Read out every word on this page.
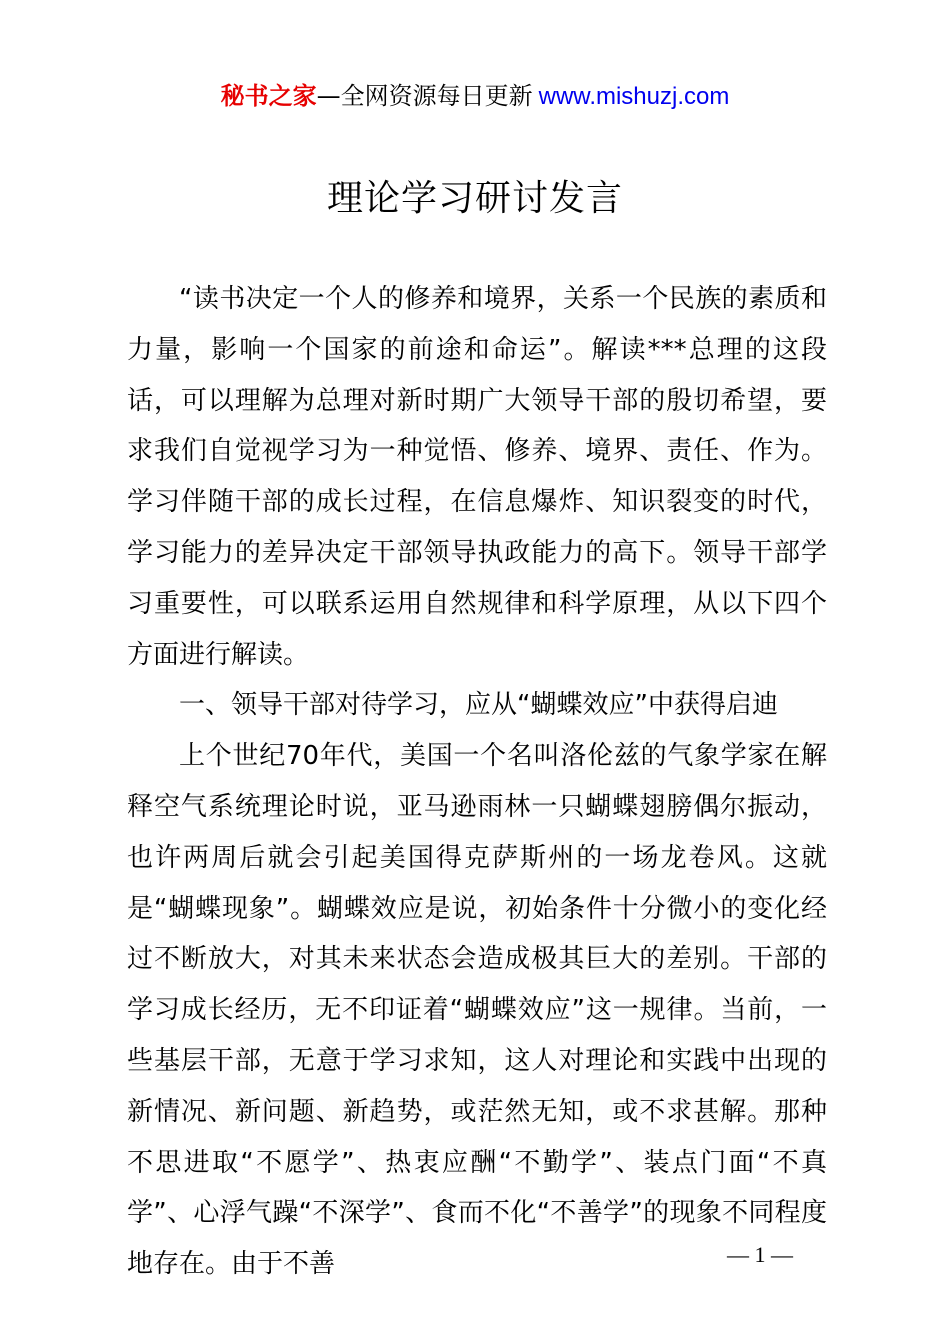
秘书之家—全网资源每日更新 www.mishuzj.com
理论学习研讨发言

“读书决定一个人的修养和境界，关系一个民族的素质和力量，影响一个国家的前途和命运”。解读***总理的这段话，可以理解为总理对新时期广大领导干部的殷切希望，要求我们自觉视学习为一种觉悟、修养、境界、责任、作为。学习伴随干部的成长过程，在信息爆炸、知识裂变的时代，学习能力的差异决定干部领导执政能力的高下。领导干部学习重要性，可以联系运用自然规律和科学原理，从以下四个方面进行解读。

一、领导干部对待学习，应从“蝴蝶效应”中获得启迪

上个世纪70年代，美国一个名叫洛伦兹的气象学家在解释空气系统理论时说，亚马逊雨林一只蝴蝶翅膀偶尔振动，也许两周后就会引起美国得克萨斯州的一场龙卷风。这就是“蝴蝶现象”。蝴蝶效应是说，初始条件十分微小的变化经过不断放大，对其未来状态会造成极其巨大的差别。干部的学习成长经历，无不印证着“蝴蝶效应”这一规律。当前，一些基层干部，无意于学习求知，这人对理论和实践中出现的新情况、新问题、新趋势，或茫然无知，或不求甚解。那种不思进取“不愿学”、热衷应酬“不勤学”、装点门面“不真学”、心浮气躁“不深学”、食而不化“不善学”的现象不同程度地存在。由于不善	— 1 —
